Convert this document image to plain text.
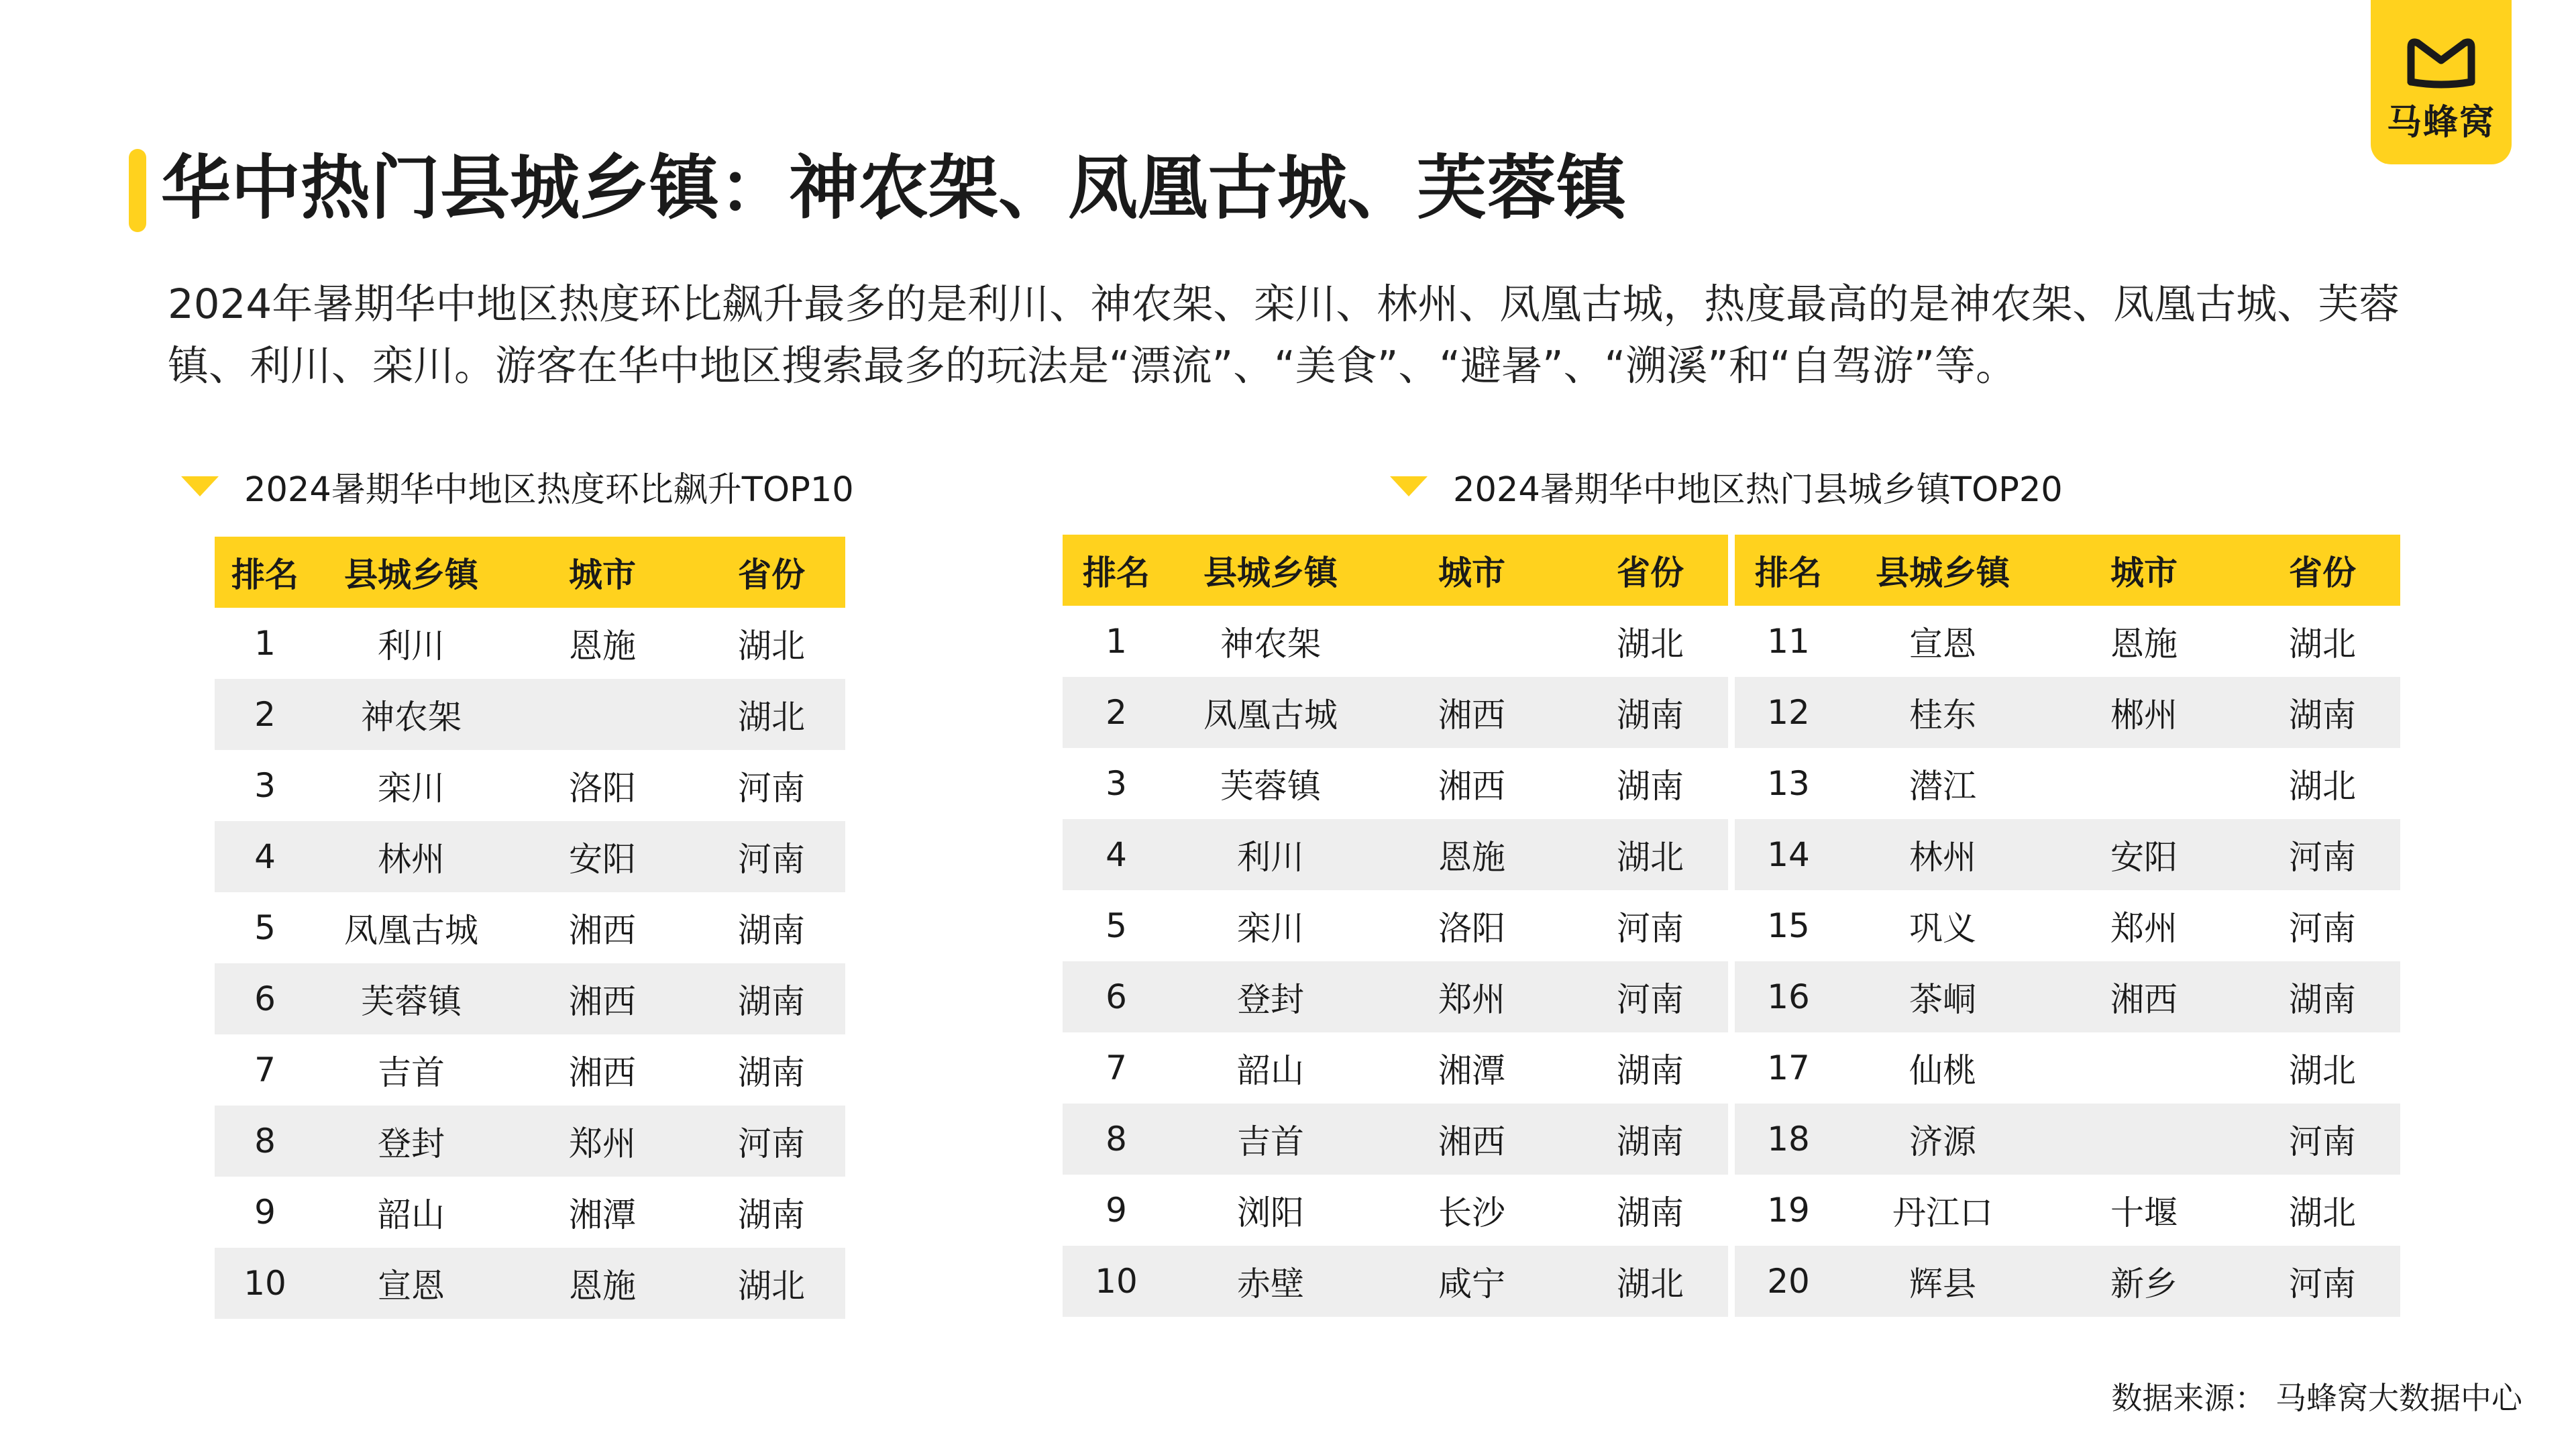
华中热门县城乡镇：神农架、凤凰古城、芙蓉镇
2024年暑期华中地区热度环比飙升最多的是利川、神农架、栾川、林州、凤凰古城，热度最高的是神农架、凤凰古城、芙蓉镇、利川、栾川。游客在华中地区搜索最多的玩法是“漂流”、“美食”、“避暑”、“溯溪”和“自驾游”等。
马蜂窝
2024暑期华中地区热度环比飙升TOP10	2024暑期华中地区热门县城乡镇TOP20
排名	县城乡镇	城市	省份
1	利川	恩施	湖北
2	神农架		湖北
3	栾川	洛阳	河南
4	林州	安阳	河南
5	凤凰古城	湘西	湖南
6	芙蓉镇	湘西	湖南
7	吉首	湘西	湖南
8	登封	郑州	河南
9	韶山	湘潭	湖南
10	宣恩	恩施	湖北
排名	县城乡镇	城市	省份		排名	县城乡镇	城市	省份
1	神农架		湖北		11	宣恩	恩施	湖北
2	凤凰古城	湘西	湖南		12	桂东	郴州	湖南
3	芙蓉镇	湘西	湖南		13	潜江		湖北
4	利川	恩施	湖北		14	林州	安阳	河南
5	栾川	洛阳	河南		15	巩义	郑州	河南
6	登封	郑州	河南		16	茶峒	湘西	湖南
7	韶山	湘潭	湖南		17	仙桃		湖北
8	吉首	湘西	湖南		18	济源		河南
9	浏阳	长沙	湖南		19	丹江口	十堰	湖北
10	赤壁	咸宁	湖北		20	辉县	新乡	河南
数据来源： 马蜂窝大数据中心
